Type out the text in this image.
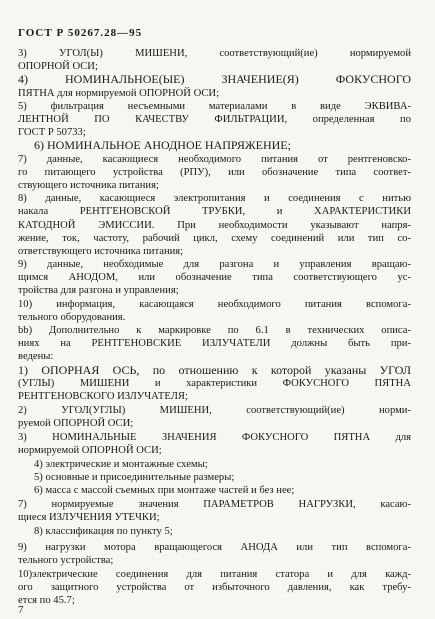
ГОСТ Р 50267.28—95
3) УГОЛ(Ы) МИШЕНИ, соответствующий(ие) нормируемой
ОПОРНОЙ ОСИ;
4) НОМИНАЛЬНОЕ(ЫЕ) ЗНАЧЕНИЕ(Я) ФОКУСНОГО
ПЯТНА для нормируемой ОПОРНОЙ ОСИ;
5) фильтрация несъемными материалами в виде ЭКВИВА-
ЛЕНТНОЙ ПО КАЧЕСТВУ ФИЛЬТРАЦИИ, определенная по
ГОСТ Р 50733;
6) НОМИНАЛЬНОЕ АНОДНОЕ НАПРЯЖЕНИЕ;
7) данные, касающиеся необходимого питания от рентгеновско-
го питающего устройства (РПУ), или обозначение типа соответ-
ствующего источника питания;
8) данные, касающиеся электропитания и соединения с нитью
накала РЕНТГЕНОВСКОЙ ТРУБКИ, и ХАРАКТЕРИСТИКИ
КАТОДНОЙ ЭМИССИИ. При необходимости указывают напря-
жение, ток, частоту, рабочий цикл, схему соединений или тип со-
ответствующего источника питания;
9) данные, необходимые для разгона и управления вращаю-
щимся АНОДОМ, или обозначение типа соответствующего ус-
тройства для разгона и управления;
10) информация, касающаяся необходимого питания вспомога-
тельного оборудования.
bb) Дополнительно к маркировке по 6.1 в технических описа-
ниях на РЕНТГЕНОВСКИЕ ИЗЛУЧАТЕЛИ должны быть при-
ведены:
1) ОПОРНАЯ ОСЬ, по отношению к которой указаны УГОЛ
(УГЛЫ) МИШЕНИ и характеристики ФОКУСНОГО ПЯТНА
РЕНТГЕНОВСКОГО ИЗЛУЧАТЕЛЯ;
2) УГОЛ(УГЛЫ) МИШЕНИ, соответствующий(ие) норми-
руемой ОПОРНОЙ ОСИ;
3) НОМИНАЛЬНЫЕ ЗНАЧЕНИЯ ФОКУСНОГО ПЯТНА для
нормируемой ОПОРНОЙ ОСИ;
4) электрические и монтажные схемы;
5) основные и присоединительные размеры;
6) масса с массой съемных при монтаже частей и без нее;
7) нормируемые значения ПАРАМЕТРОВ НАГРУЗКИ, касаю-
щиеся ИЗЛУЧЕНИЯ УТЕЧКИ;
8) классификация по пункту 5;
9) нагрузки мотора вращающегося АНОДА или тип вспомога-
тельного устройства;
10)электрические соединения для питания статора и для кажд-
ого защитного устройства от избыточного давления, как требу-
ется по 45.7;
7
